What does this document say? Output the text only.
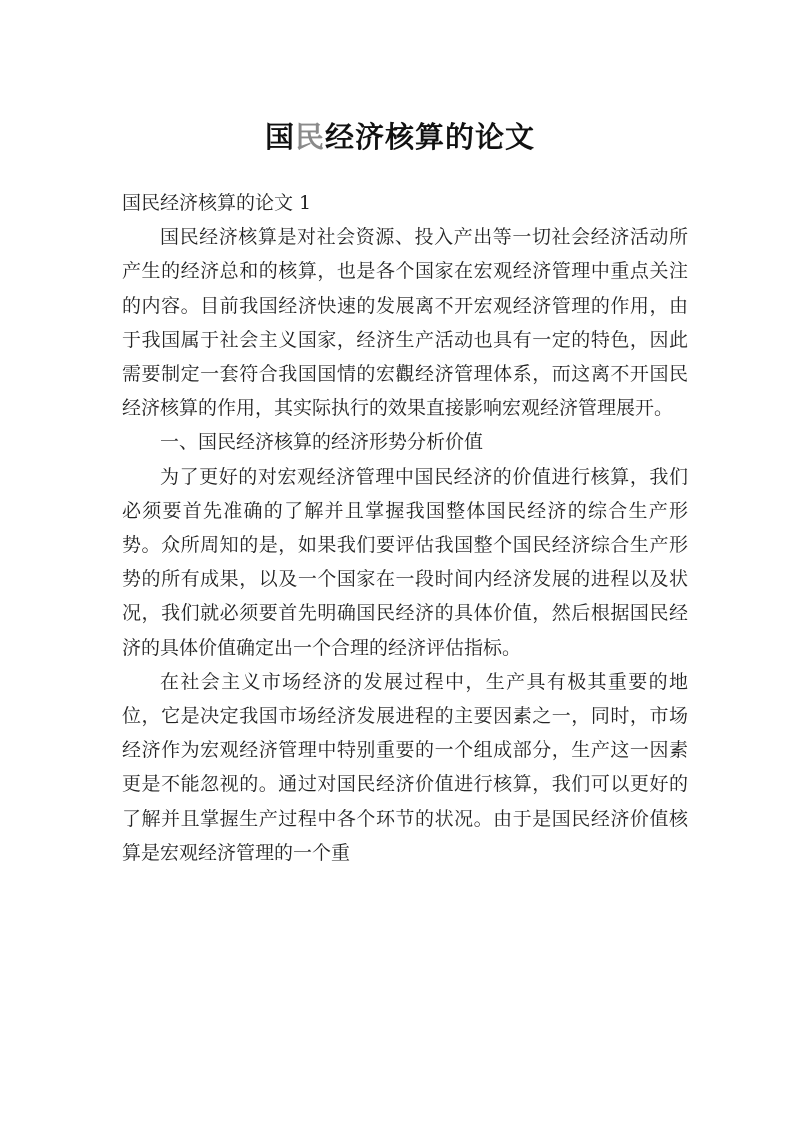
国民经济核算的论文

国民经济核算的论文 1

国民经济核算是对社会资源、投入产出等一切社会经济活动所产生的经济总和的核算，也是各个国家在宏观经济管理中重点关注的内容。目前我国经济快速的发展离不开宏观经济管理的作用，由于我国属于社会主义国家，经济生产活动也具有一定的特色，因此需要制定一套符合我国国情的宏觀经济管理体系，而这离不开国民经济核算的作用，其实际执行的效果直接影响宏观经济管理展开。

一、国民经济核算的经济形势分析价值

为了更好的对宏观经济管理中国民经济的价值进行核算，我们必须要首先准确的了解并且掌握我国整体国民经济的综合生产形势。众所周知的是，如果我们要评估我国整个国民经济综合生产形势的所有成果，以及一个国家在一段时间内经济发展的进程以及状况，我们就必须要首先明确国民经济的具体价值，然后根据国民经济的具体价值确定出一个合理的经济评估指标。

在社会主义市场经济的发展过程中，生产具有极其重要的地位，它是决定我国市场经济发展进程的主要因素之一，同时，市场经济作为宏观经济管理中特别重要的一个组成部分，生产这一因素更是不能忽视的。通过对国民经济价值进行核算，我们可以更好的了解并且掌握生产过程中各个环节的状况。由于是国民经济价值核算是宏观经济管理的一个重
